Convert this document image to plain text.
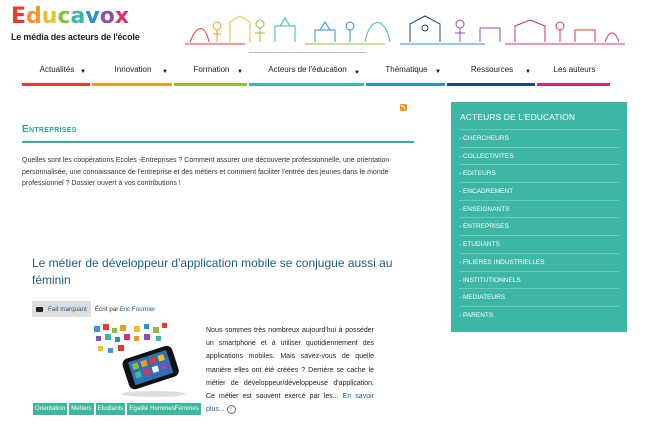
E d u c a v o x
Le média des acteurs de l'école
Actualités ▼	Innovation ▼	Formation ▼	Acteurs de l'éducation ▼	Thématique ▼	Ressources ▼	Les auteurs
Entreprises

Quelles sont les coopérations Ecoles -Entreprises ? Comment assurer une découverte professionnelle, une orientation personnalisée, une connaissance de l'entreprise et des métiers et comment faciliter l'entrée des jeunes dans le monde professionnel ? Dossier ouvert à vos contributions !

Le métier de développeur d'application mobile se conjugue aussi au féminin
Fait marquant Écrit par Eric Fournier

Nous sommes très nombreux aujourd'hui à posséder un smartphone et à utiliser quotidiennement des applications mobiles. Mais savez-vous de quelle manière elles ont été créées ? Derrière se cache le métier de développeur/développeuse d'application. Ce métier est souvent exercé par les... En savoir plus... ›

Orientation Métiers Etudiants Egalité HommesFemmes
ACTEURS DE L'EDUCATION
- CHERCHEURS
- COLLECTIVITES
- EDITEURS
- ENCADREMENT
- ENSEIGNANTS
- ENTREPRISES
- ETUDIANTS
- FILIERES INDUSTRIELLES
- INSTITUTIONNELS
- MEDIATEURS
- PARENTS
